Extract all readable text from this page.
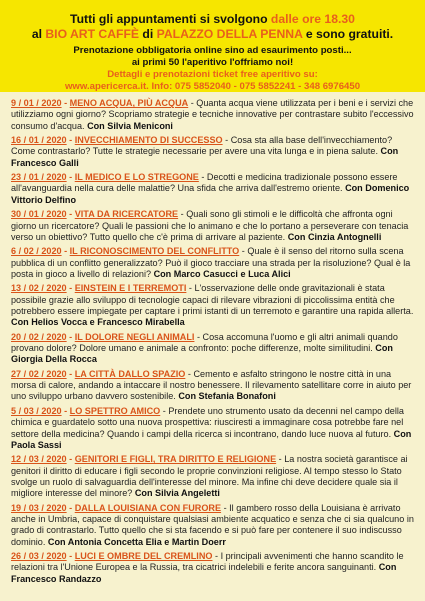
Tutti gli appuntamenti si svolgono dalle ore 18.30
al BIO ART CAFFÈ di PALAZZO DELLA PENNA e sono gratuiti.
Prenotazione obbligatoria online sino ad esaurimento posti...
ai primi 50 l'aperitivo l'offriamo noi!
Dettagli e prenotazioni ticket free aperitivo su:
www.apericerca.it. Info: 075 5852040 - 075 5852241 - 348 6976450
9 / 01 / 2020 - MENO ACQUA, PIÙ ACQUA - Quanta acqua viene utilizzata per i beni e i servizi che utilizziamo ogni giorno? Scopriamo strategie e tecniche innovative per contrastare subito l'eccessivo consumo d'acqua. Con Silvia Meniconi
16 / 01 / 2020 - INVECCHIAMENTO DI SUCCESSO - Cosa sta alla base dell'invecchiamento? Come contrastarlo? Tutte le strategie necessarie per avere una vita lunga e in piena salute. Con Francesco Galli
23 / 01 / 2020 - IL MEDICO E LO STREGONE - Decotti e medicina tradizionale possono essere all'avanguardia nella cura delle malattie? Una sfida che arriva dall'estremo oriente. Con Domenico Vittorio Delfino
30 / 01 / 2020 - VITA DA RICERCATORE - Quali sono gli stimoli e le difficoltà che affronta ogni giorno un ricercatore? Quali le passioni che lo animano e che lo portano a perseverare con tenacia verso un obiettivo? Tutto quello che c'è prima di arrivare al paziente. Con Cinzia Antognelli
6 / 02 / 2020 - IL RICONOSCIMENTO DEL CONFLITTO - Quale è il senso del ritorno sulla scena pubblica di un conflitto generalizzato? Può il gioco tracciare una strada per la risoluzione? Qual è la posta in gioco a livello di relazioni? Con Marco Casucci e Luca Alici
13 / 02 / 2020 - EINSTEIN E I TERREMOTI - L'osservazione delle onde gravitazionali è stata possibile grazie allo sviluppo di tecnologie capaci di rilevare vibrazioni di piccolissima entità che potrebbero essere impiegate per captare i primi istanti di un terremoto e garantire una rapida allerta. Con Helios Vocca e Francesco Mirabella
20 / 02 / 2020 - IL DOLORE NEGLI ANIMALI - Cosa accomuna l'uomo e gli altri animali quando provano dolore? Dolore umano e animale a confronto: poche differenze, molte similitudini. Con Giorgia Della Rocca
27 / 02 / 2020 - LA CITTÀ DALLO SPAZIO - Cemento e asfalto stringono le nostre città in una morsa di calore, andando a intaccare il nostro benessere. Il rilevamento satellitare corre in aiuto per uno sviluppo urbano davvero sostenibile. Con Stefania Bonafoni
5 / 03 / 2020 - LO SPETTRO AMICO - Prendete uno strumento usato da decenni nel campo della chimica e guardatelo sotto una nuova prospettiva: riusciresti a immaginare cosa potrebbe fare nel settore della medicina? Quando i campi della ricerca si incontrano, dando luce nuova al futuro. Con Paola Sassi
12 / 03 / 2020 - GENITORI E FIGLI, TRA DIRITTO E RELIGIONE - La nostra società garantisce ai genitori il diritto di educare i figli secondo le proprie convinzioni religiose. Al tempo stesso lo Stato svolge un ruolo di salvaguardia dell'interesse del minore. Ma infine chi deve decidere quale sia il migliore interesse del minore? Con Silvia Angeletti
19 / 03 / 2020 - DALLA LOUISIANA CON FURORE - Il gambero rosso della Louisiana è arrivato anche in Umbria, capace di conquistare qualsiasi ambiente acquatico e senza che ci sia qualcuno in grado di contrastarlo. Tutto quello che si sta facendo e si può fare per contenere il suo indiscusso dominio. Con Antonia Concetta Elia e Martin Doerr
26 / 03 / 2020 - LUCI E OMBRE DEL CREMLINO - I principali avvenimenti che hanno scandito le relazioni tra l'Unione Europea e la Russia, tra cicatrici indelebili e ferite ancora sanguinanti. Con Francesco Randazzo
